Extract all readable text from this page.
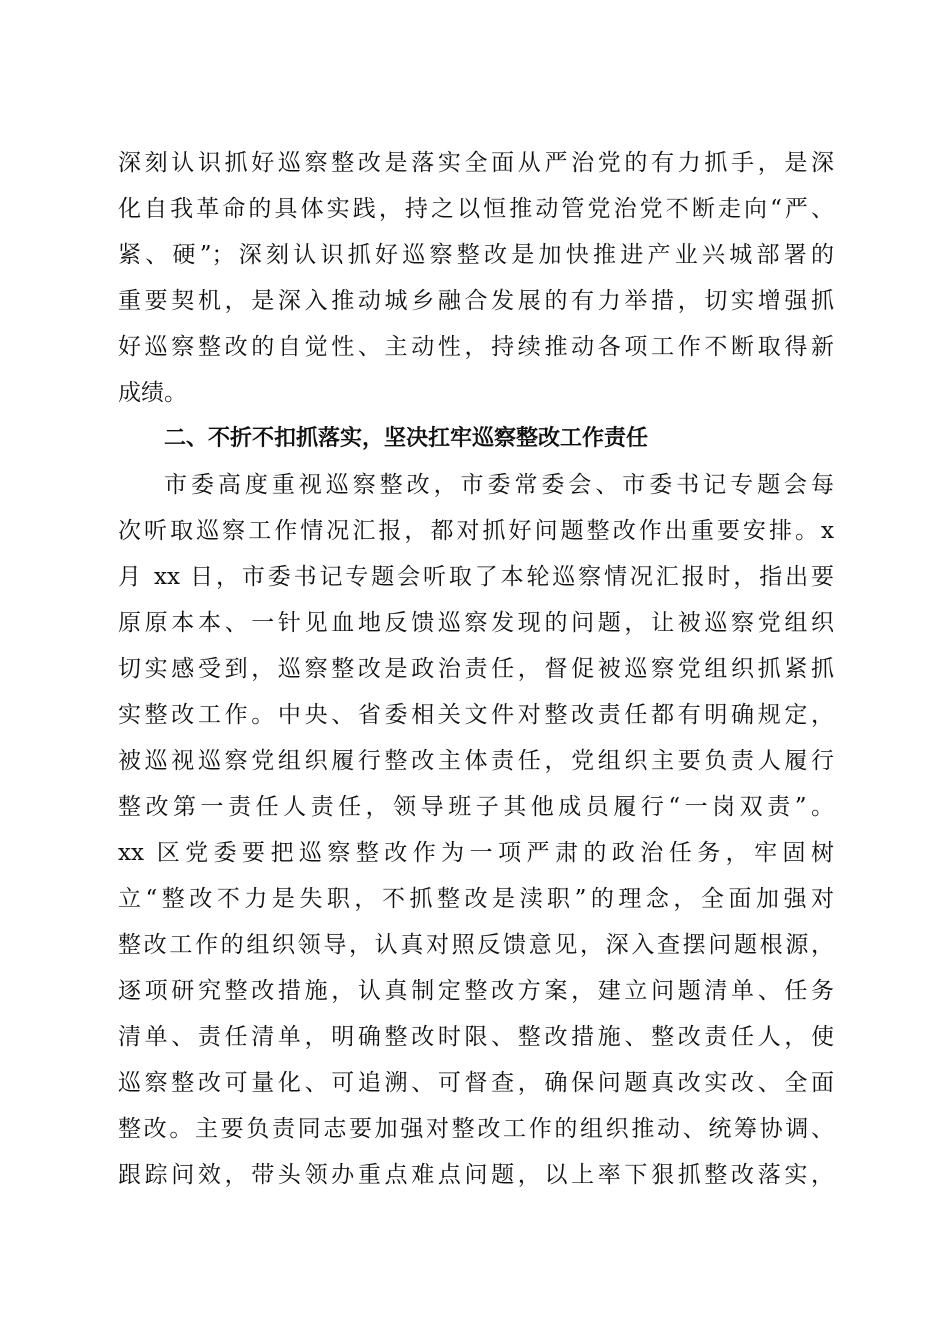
深刻认识抓好巡察整改是落实全面从严治党的有力抓手，是深
化自我革命的具体实践，持之以恒推动管党治党不断走向“严、
紧、硬”；深刻认识抓好巡察整改是加快推进产业兴城部署的
重要契机，是深入推动城乡融合发展的有力举措，切实增强抓
好巡察整改的自觉性、主动性，持续推动各项工作不断取得新
成绩。
二、不折不扣抓落实，坚决扛牢巡察整改工作责任
市委高度重视巡察整改，市委常委会、市委书记专题会每
次听取巡察工作情况汇报，都对抓好问题整改作出重要安排。x
月 xx 日，市委书记专题会听取了本轮巡察情况汇报时，指出要
原原本本、一针见血地反馈巡察发现的问题，让被巡察党组织
切实感受到，巡察整改是政治责任，督促被巡察党组织抓紧抓
实整改工作。中央、省委相关文件对整改责任都有明确规定，
被巡视巡察党组织履行整改主体责任，党组织主要负责人履行
整改第一责任人责任，领导班子其他成员履行“一岗双责”。
xx 区党委要把巡察整改作为一项严肃的政治任务，牢固树
立“整改不力是失职，不抓整改是渎职”的理念，全面加强对
整改工作的组织领导，认真对照反馈意见，深入查摆问题根源，
逐项研究整改措施，认真制定整改方案，建立问题清单、任务
清单、责任清单，明确整改时限、整改措施、整改责任人，使
巡察整改可量化、可追溯、可督查，确保问题真改实改、全面
整改。主要负责同志要加强对整改工作的组织推动、统筹协调、
跟踪问效，带头领办重点难点问题，以上率下狠抓整改落实，
